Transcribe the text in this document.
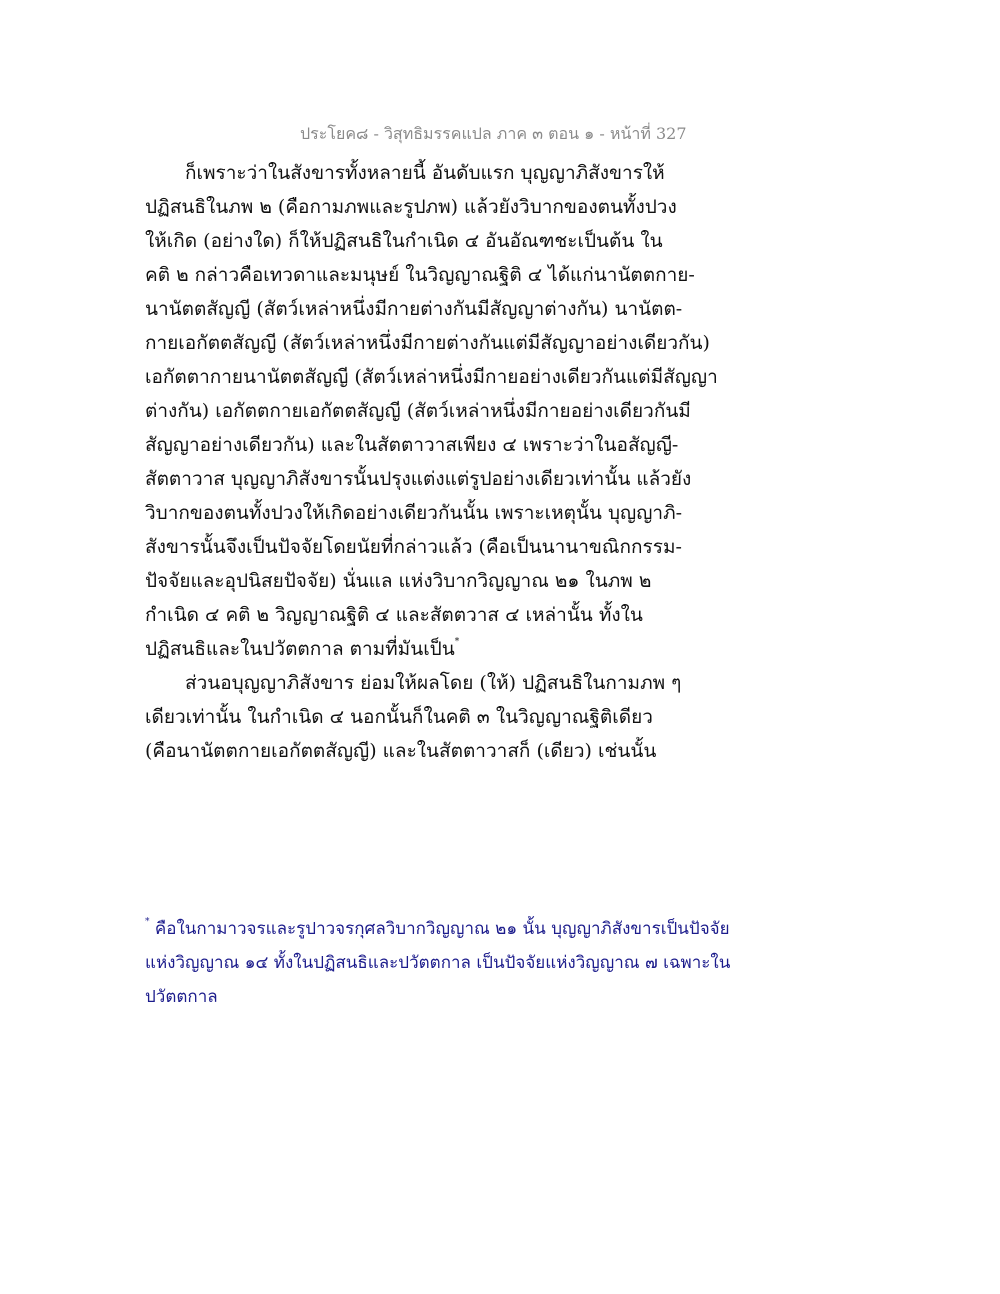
ประโยค๘ - วิสุทธิมรรคแปล ภาค ๓ ตอน ๑ - หน้าที่ 327
ก็เพราะว่าในสังขารทั้งหลายนี้ อันดับแรก บุญญาภิสังขารให้
ปฏิสนธิในภพ ๒ (คือกามภพและรูปภพ) แล้วยังวิบากของตนทั้งปวง
ให้เกิด (อย่างใด) ก็ให้ปฏิสนธิในกำเนิด ๔ อันอัณฑชะเป็นต้น ใน
คติ ๒ กล่าวคือเทวดาและมนุษย์ ในวิญญาณฐิติ ๔ ได้แก่นานัตตกาย-
นานัตตสัญญี (สัตว์เหล่าหนึ่งมีกายต่างกันมีสัญญาต่างกัน) นานัตต-
กายเอกัตตสัญญี (สัตว์เหล่าหนึ่งมีกายต่างกันแต่มีสัญญาอย่างเดียวกัน)
เอกัตตากายนานัตตสัญญี (สัตว์เหล่าหนึ่งมีกายอย่างเดียวกันแต่มีสัญญา
ต่างกัน) เอกัตตกายเอกัตตสัญญี (สัตว์เหล่าหนึ่งมีกายอย่างเดียวกันมี
สัญญาอย่างเดียวกัน) และในสัตตาวาสเพียง ๔ เพราะว่าในอสัญญี-
สัตตาวาส บุญญาภิสังขารนั้นปรุงแต่งแต่รูปอย่างเดียวเท่านั้น แล้วยัง
วิบากของตนทั้งปวงให้เกิดอย่างเดียวกันนั้น เพราะเหตุนั้น บุญญาภิ-
สังขารนั้นจึงเป็นปัจจัยโดยนัยที่กล่าวแล้ว (คือเป็นนานาขณิกกรรม-
ปัจจัยและอุปนิสยปัจจัย) นั่นแล แห่งวิบากวิญญาณ ๒๑ ในภพ ๒
กำเนิด ๔ คติ ๒ วิญญาณฐิติ ๔ และสัตตวาส ๔ เหล่านั้น ทั้งใน
ปฏิสนธิและในปวัตตกาล ตามที่มันเป็น*
ส่วนอบุญญาภิสังขาร ย่อมให้ผลโดย (ให้) ปฏิสนธิในกามภพ ๆ
เดียวเท่านั้น ในกำเนิด ๔ นอกนั้นก็ในคติ ๓ ในวิญญาณฐิติเดียว
(คือนานัตตกายเอกัตตสัญญี) และในสัตตาวาสก็ (เดียว) เช่นนั้น
* คือในกามาวจรและรูปาวจรกุศลวิบากวิญญาณ ๒๑ นั้น บุญญาภิสังขารเป็นปัจจัย
แห่งวิญญาณ ๑๔ ทั้งในปฏิสนธิและปวัตตกาล เป็นปัจจัยแห่งวิญญาณ ๗ เฉพาะใน
ปวัตตกาล
